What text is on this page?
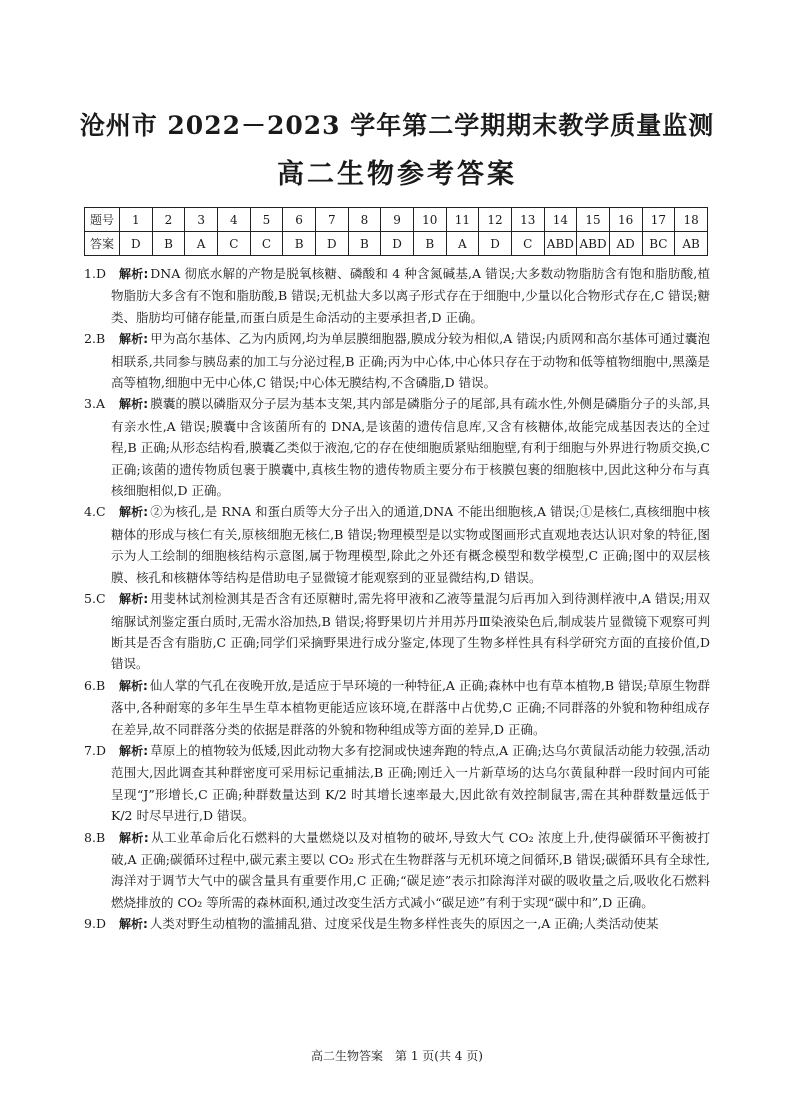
沧州市 2022－2023 学年第二学期期末教学质量监测
高二生物参考答案
题号	1	2	3	4	5	6	7	8	9	10	11	12	13	14	15	16	17	18
答案	D	B	A	C	C	B	D	B	D	B	A	D	C	ABD	ABD	AD	BC	AB
1.D 解析: DNA 彻底水解的产物是脱氧核糖、磷酸和 4 种含氮碱基,A 错误;大多数动物脂肪含有饱和脂肪酸,植物脂肪大多含有不饱和脂肪酸,B 错误;无机盐大多以离子形式存在于细胞中,少量以化合物形式存在,C 错误;糖类、脂肪均可储存能量,而蛋白质是生命活动的主要承担者,D 正确。
2.B 解析: 甲为高尔基体、乙为内质网,均为单层膜细胞器,膜成分较为相似,A 错误;内质网和高尔基体可通过囊泡相联系,共同参与胰岛素的加工与分泌过程,B 正确;丙为中心体,中心体只存在于动物和低等植物细胞中,黑藻是高等植物,细胞中无中心体,C 错误;中心体无膜结构,不含磷脂,D 错误。
3.A 解析: 膜囊的膜以磷脂双分子层为基本支架,其内部是磷脂分子的尾部,具有疏水性,外侧是磷脂分子的头部,具有亲水性,A 错误;膜囊中含该菌所有的 DNA,是该菌的遗传信息库,又含有核糖体,故能完成基因表达的全过程,B 正确;从形态结构看,膜囊乙类似于液泡,它的存在使细胞质紧贴细胞壁,有利于细胞与外界进行物质交换,C 正确;该菌的遗传物质包裹于膜囊中,真核生物的遗传物质主要分布于核膜包裹的细胞核中,因此这种分布与真核细胞相似,D 正确。
4.C 解析: ②为核孔,是 RNA 和蛋白质等大分子出入的通道,DNA 不能出细胞核,A 错误;①是核仁,真核细胞中核糖体的形成与核仁有关,原核细胞无核仁,B 错误;物理模型是以实物或图画形式直观地表达认识对象的特征,图示为人工绘制的细胞核结构示意图,属于物理模型,除此之外还有概念模型和数学模型,C 正确;图中的双层核膜、核孔和核糖体等结构是借助电子显微镜才能观察到的亚显微结构,D 错误。
5.C 解析: 用斐林试剂检测其是否含有还原糖时,需先将甲液和乙液等量混匀后再加入到待测样液中,A 错误;用双缩脲试剂鉴定蛋白质时,无需水浴加热,B 错误;将野果切片并用苏丹Ⅲ染液染色后,制成装片显微镜下观察可判断其是否含有脂肪,C 正确;同学们采摘野果进行成分鉴定,体现了生物多样性具有科学研究方面的直接价值,D 错误。
6.B 解析: 仙人掌的气孔在夜晚开放,是适应于旱环境的一种特征,A 正确;森林中也有草本植物,B 错误;草原生物群落中,各种耐寒的多年生旱生草本植物更能适应该环境,在群落中占优势,C 正确;不同群落的外貌和物种组成存在差异,故不同群落分类的依据是群落的外貌和物种组成等方面的差异,D 正确。
7.D 解析: 草原上的植物较为低矮,因此动物大多有挖洞或快速奔跑的特点,A 正确;达乌尔黄鼠活动能力较强,活动范围大,因此调查其种群密度可采用标记重捕法,B 正确;刚迁入一片新草场的达乌尔黄鼠种群一段时间内可能呈现“J”形增长,C 正确;种群数量达到 K/2 时其增长速率最大,因此欲有效控制鼠害,需在其种群数量远低于 K/2 时尽早进行,D 错误。
8.B 解析: 从工业革命后化石燃料的大量燃烧以及对植物的破坏,导致大气 CO₂ 浓度上升,使得碳循环平衡被打破,A 正确;碳循环过程中,碳元素主要以 CO₂ 形式在生物群落与无机环境之间循环,B 错误;碳循环具有全球性,海洋对于调节大气中的碳含量具有重要作用,C 正确;“碳足迹”表示扣除海洋对碳的吸收量之后,吸收化石燃料燃烧排放的 CO₂ 等所需的森林面积,通过改变生活方式减小“碳足迹”有利于实现“碳中和”,D 正确。
9.D 解析: 人类对野生动植物的滥捕乱猎、过度采伐是生物多样性丧失的原因之一,A 正确;人类活动使某
高二生物答案　第 1 页(共 4 页)
